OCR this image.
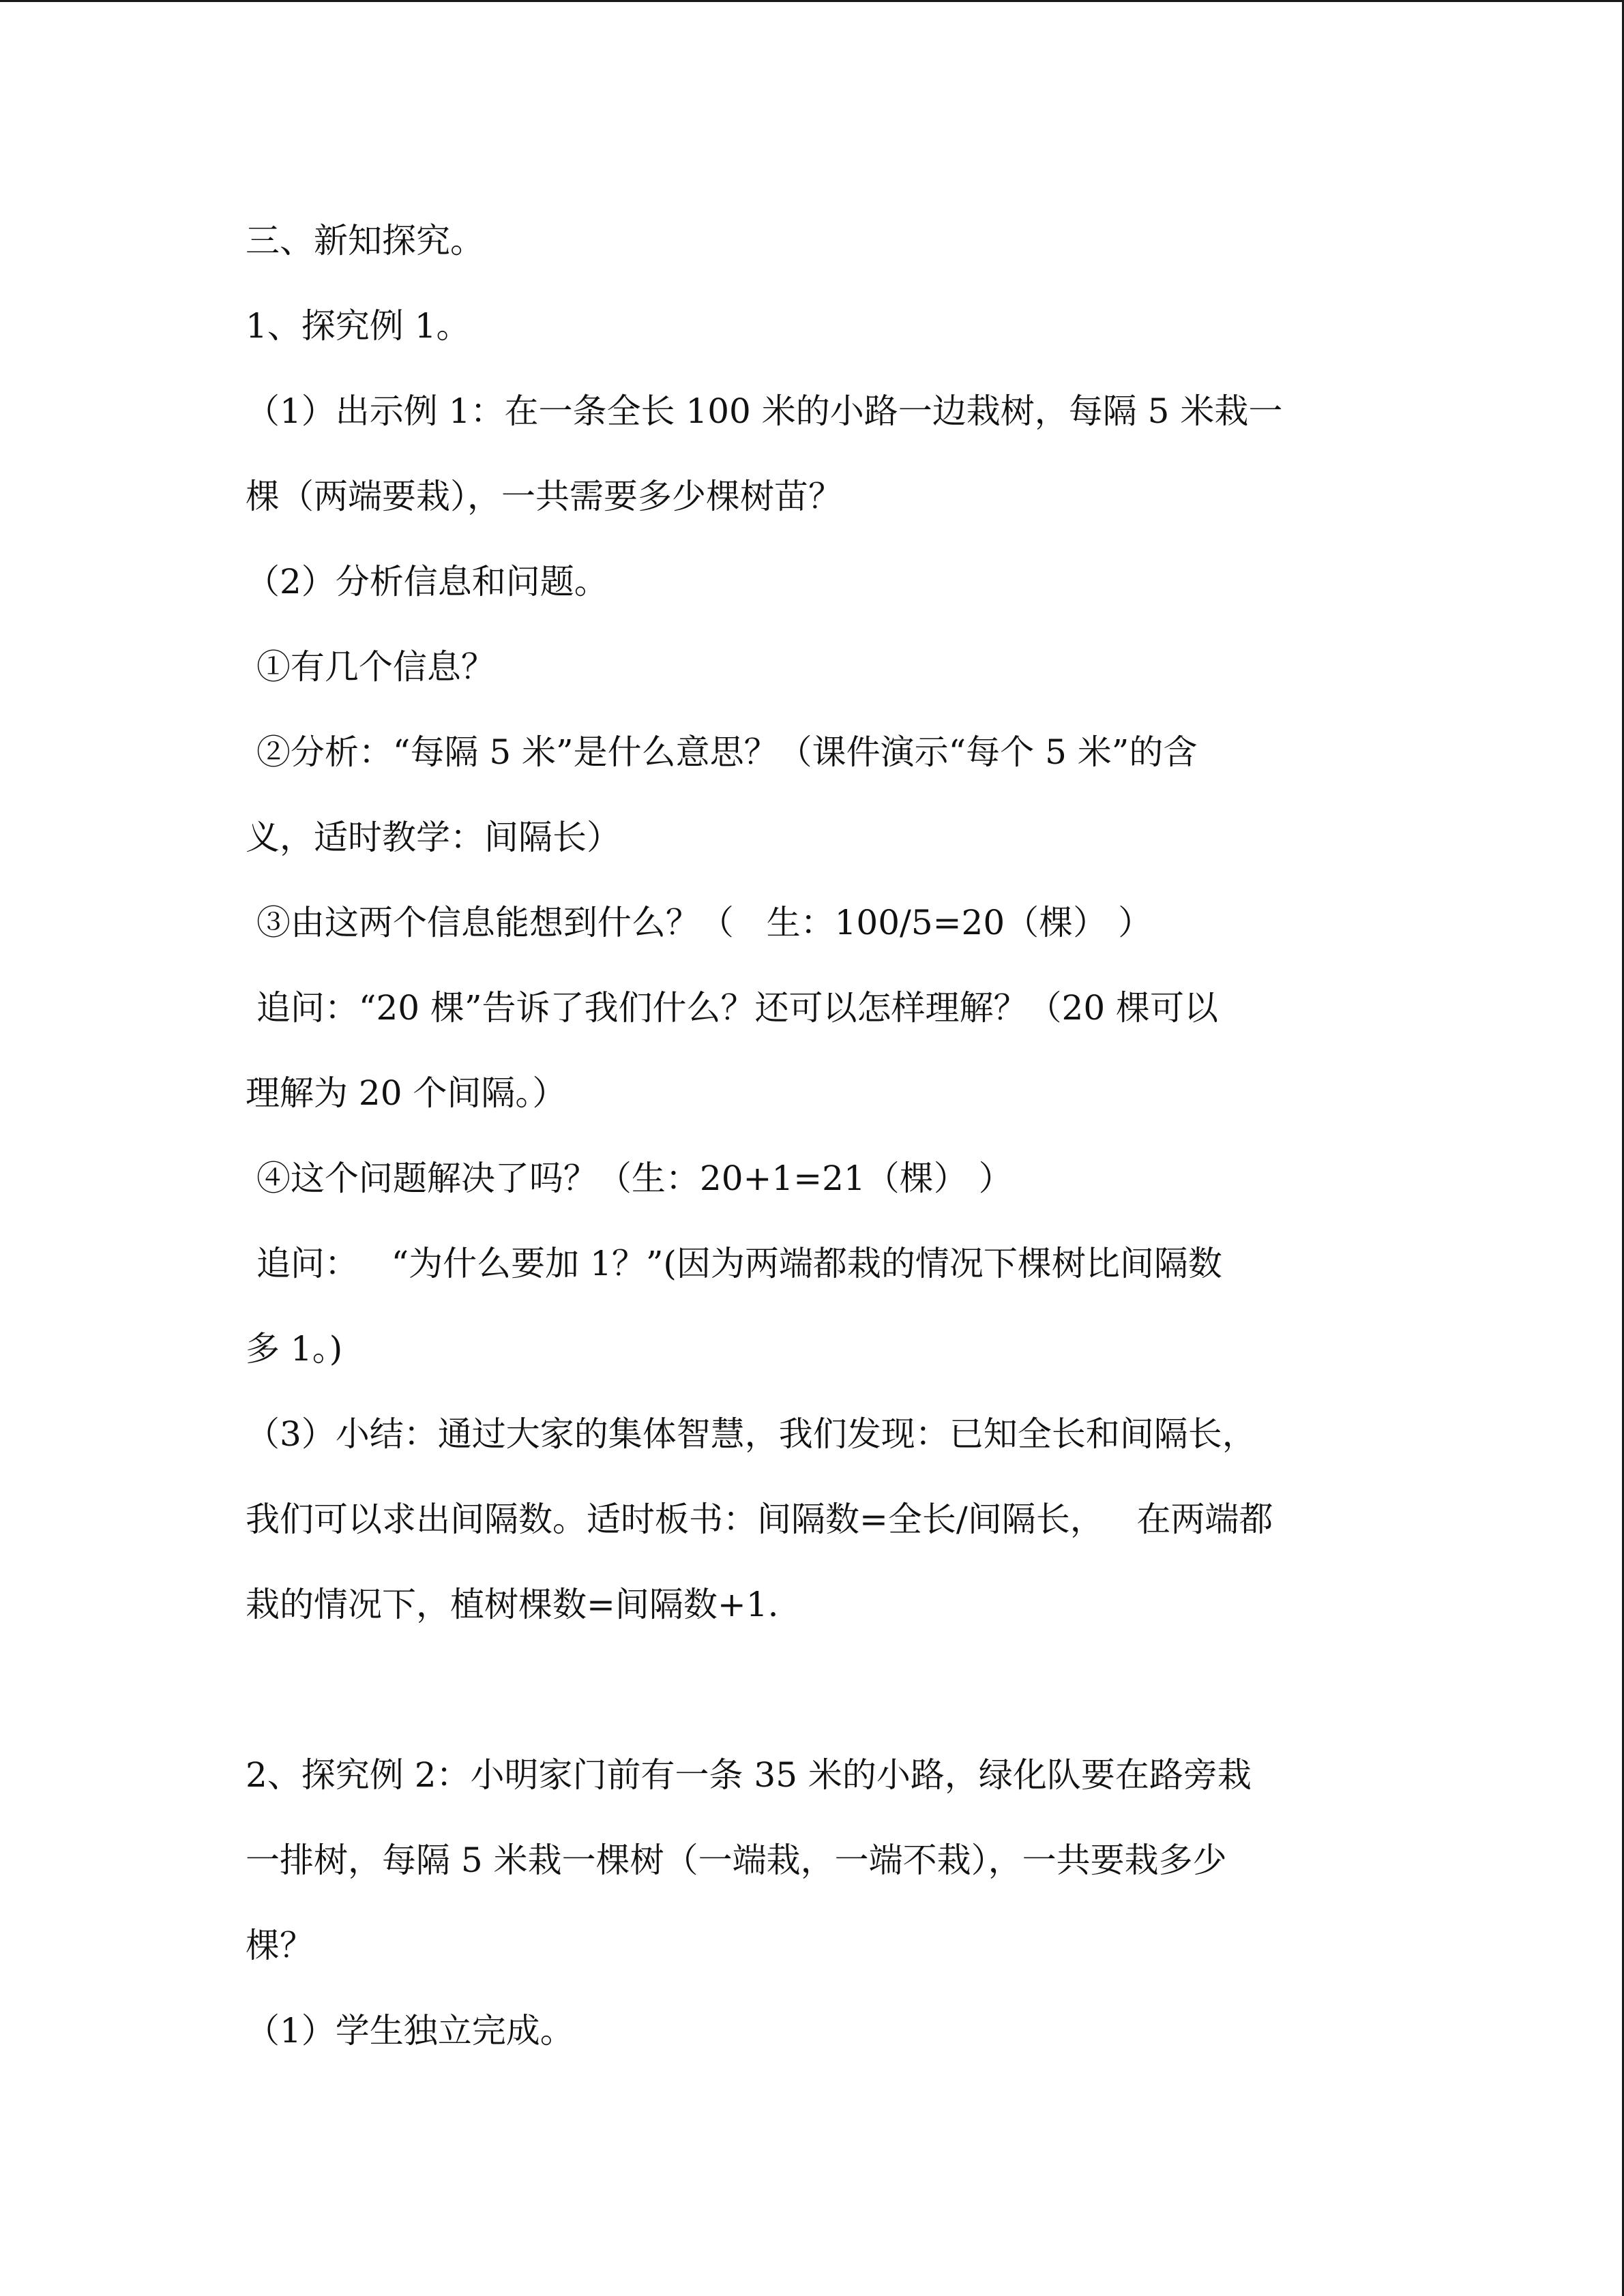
三、新知探究。
1、探究例 1。
（1）出示例 1：在一条全长 100 米的小路一边栽树，每隔 5 米栽一
棵（两端要栽），一共需要多少棵树苗？
（2）分析信息和问题。
①有几个信息？
②分析：“每隔 5 米”是什么意思？（课件演示“每个 5 米”的含
义，适时教学：间隔长）
③由这两个信息能想到什么？（   生：100/5=20（棵） ）
追问：“20 棵”告诉了我们什么？还可以怎样理解？（20 棵可以
理解为 20 个间隔。）
④这个问题解决了吗？（生：20+1=21（棵） ）
追问：   “为什么要加 1？”(因为两端都栽的情况下棵树比间隔数
多 1。)
（3）小结：通过大家的集体智慧，我们发现：已知全长和间隔长，
我们可以求出间隔数。适时板书：间隔数=全长/间隔长，   在两端都
栽的情况下，植树棵数=间隔数+1.
2、探究例 2：小明家门前有一条 35 米的小路，绿化队要在路旁栽
一排树，每隔 5 米栽一棵树（一端栽，一端不栽），一共要栽多少
棵？
（1）学生独立完成。
